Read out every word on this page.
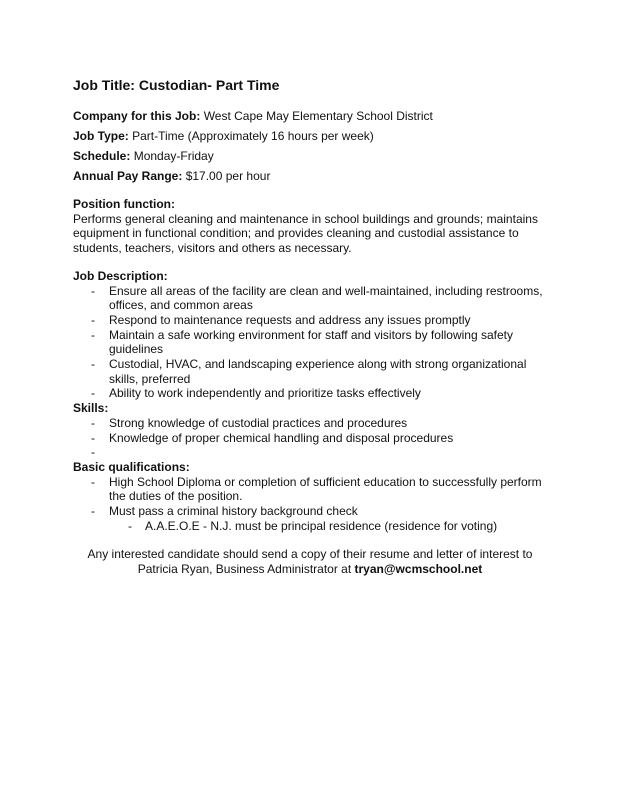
Job Title: Custodian- Part Time

Company for this Job: West Cape May Elementary School District

Job Type: Part-Time (Approximately 16 hours per week)

Schedule: Monday-Friday

Annual Pay Range: $17.00 per hour

Position function:
Performs general cleaning and maintenance in school buildings and grounds; maintains equipment in functional condition; and provides cleaning and custodial assistance to students, teachers, visitors and others as necessary.
Job Description:
- Ensure all areas of the facility are clean and well-maintained, including restrooms, offices, and common areas
- Respond to maintenance requests and address any issues promptly
- Maintain a safe working environment for staff and visitors by following safety guidelines
- Custodial, HVAC, and landscaping experience along with strong organizational skills, preferred
- Ability to work independently and prioritize tasks effectively
Skills:
- Strong knowledge of custodial practices and procedures
- Knowledge of proper chemical handling and disposal procedures
-

Basic qualifications:
- High School Diploma or completion of sufficient education to successfully perform the duties of the position.
- Must pass a criminal history background check
- A.A.E.O.E - N.J. must be principal residence (residence for voting)
Any interested candidate should send a copy of their resume and letter of interest to
Patricia Ryan, Business Administrator at tryan@wcmschool.net
